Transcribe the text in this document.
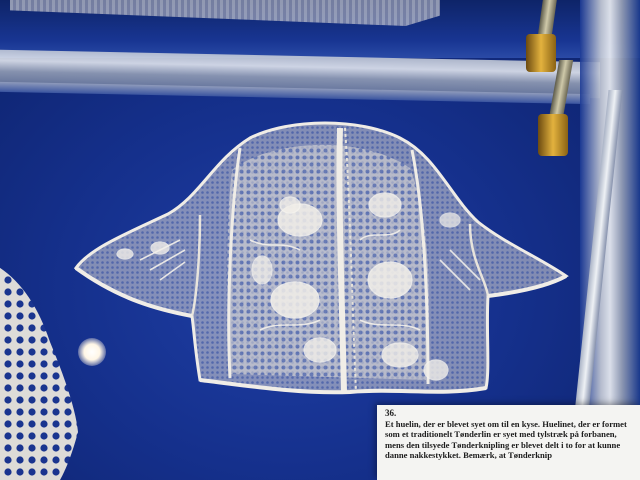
36.
Et huelin, der er blevet syet om til en kyse. Huelinet, der er formet som et traditionelt Tønderlin er syet med tylstræk på forbanen, mens den tilsyede Tønderknipling er blevet delt i to for at kunne danne nakkestykket. Bemærk, at Tønderknip
